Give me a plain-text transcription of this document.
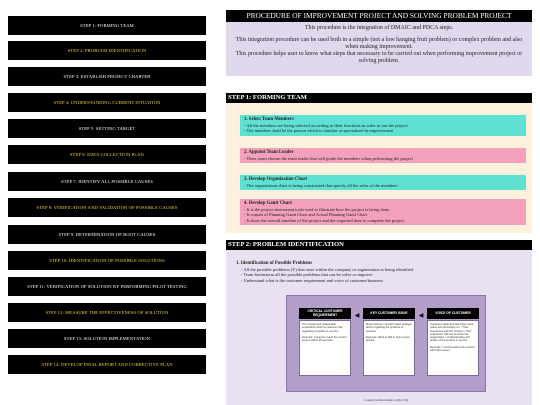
STEP 1: FORMING TEAM
STEP 2: PROBLEM IDENTIFICATION
STEP 3: ESTABLISH PROJECT CHARTER
STEP 4: UNDERSTANDING CURRENT SITUATION
STEP 5: SETTING TARGET
STEP 6: DATA COLLECTION PLAN
STEP 7: IDENTIFY ALL POSSIBLE CAUSES
STEP 8: VERIFICATION AND VALIDATION OF POSSIBLE CAUSES
STEP 9: DETERMINATION OF ROOT CAUSES
STEP 10: IDENTIFICATION OF POSSIBLE SOLUTIONS
STEP 11: VERIFICATION OF SOLUTION BY PERFORMING PILOT TESTING
STEP 12: MEASURE THE EFFECTIVENESS OF SOLUTION
STEP 13: SOLUTION IMPLEMENTATION
STEP 14: DEVELOP FINAL REPORT AND CORRECTIVE PLAN
PROCEDURE OF IMPROVEMENT PROJECT AND SOLVING PROBLEM PROJECT

This procedure is the integration of DMAIC and PDCA steps.

This integration procedure can be used both in a simple (not a low hanging fruit problem) or complex problem and also when making improvement.

This procedure helps user to know what steps that necessary to be carried out when performing improvement project or solving problem.

STEP 1: FORMING TEAM
1. Select Team Members
- All the members are being selected according to their functions in order to run the project
- The members shall be the person which is familiar or specialized in improvement
2. Appoint Team Leader
- Then, team choose the team leader that will guide the members when performing the project
3. Develop Organization Chart
- The organization chart is being constructed that specify all the roles of the members
4. Develop Gantt Chart
- It is the project instrument tools used to illustrate how the project is being done
- It consist of Planning Gantt Chart and Actual Planning Gantt Chart
- It show the overall timeline of the project and the expected time to complete the project
STEP 2: PROBLEM IDENTIFICATION
1. Identification of Possible Problems
- All the possible problems (Y) that arise within the company or organization is being identified
- Team brainstorm all the possible problems that can be solve or improve
- Understand what is the customer requirement and voice of customer/business
CRITICAL CUSTOMER REQUIREMENT
The precise and measurable expectation which a customer has regarding a product or service.
Example: Customer reach the correct person within 45 seconds.
◀
KEY CUSTOMER ISSUE
Most customer concern value strategic factor regarding the products or services.
Example: Want to talk to right person quickly.
◀
VOICE OF CUSTOMER
Customer statement that reflect their wants and perception on: • Their experience with the product • Their experience with the services the organization • Understanding and quality of the product or service
Example: I need to wait to be connect with right person.
Coupled relationships with CTQ
